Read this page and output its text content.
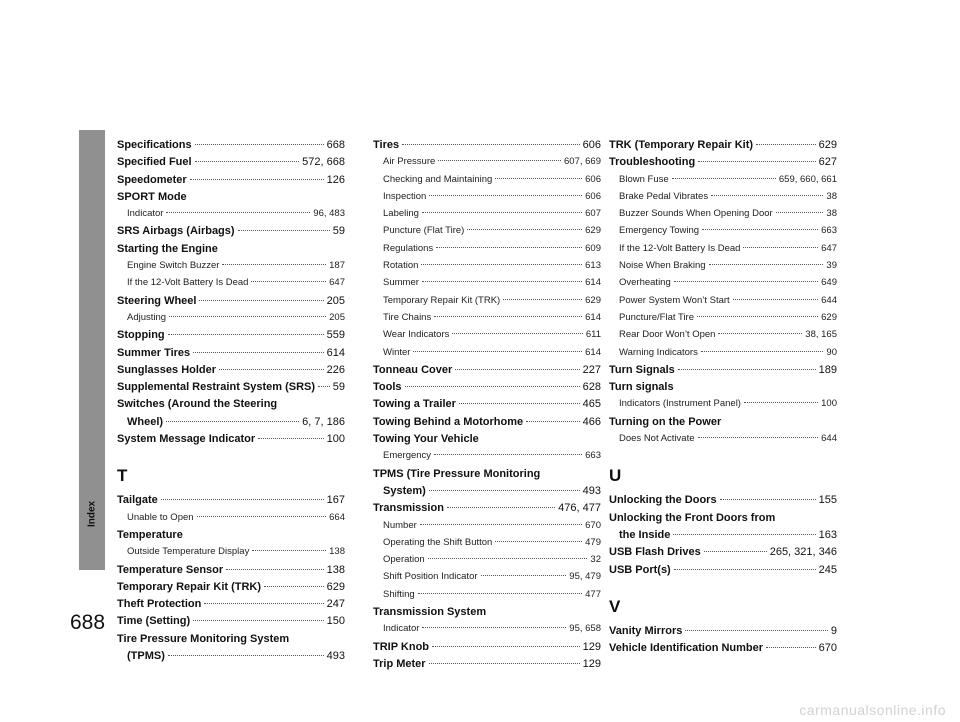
Index
688
Specifications	668
Specified Fuel	572, 668
Speedometer	126
SPORT Mode
Indicator	96, 483
SRS Airbags (Airbags)	59
Starting the Engine
Engine Switch Buzzer	187
If the 12-Volt Battery Is Dead	647
Steering Wheel	205
Adjusting	205
Stopping	559
Summer Tires	614
Sunglasses Holder	226
Supplemental Restraint System (SRS) 59
Switches (Around the Steering
Wheel)	6, 7, 186
System Message Indicator	100
T
Tailgate	167
Unable to Open	664
Temperature
Outside Temperature Display	138
Temperature Sensor	138
Temporary Repair Kit (TRK)	629
Theft Protection	247
Time (Setting)	150
Tire Pressure Monitoring System
(TPMS)	493
Tires	606
Air Pressure	607, 669
Checking and Maintaining	606
Inspection	606
Labeling	607
Puncture (Flat Tire)	629
Regulations	609
Rotation	613
Summer	614
Temporary Repair Kit (TRK)	629
Tire Chains	614
Wear Indicators	611
Winter	614
Tonneau Cover	227
Tools	628
Towing a Trailer	465
Towing Behind a Motorhome	466
Towing Your Vehicle
Emergency	663
TPMS (Tire Pressure Monitoring
System)	493
Transmission	476, 477
Number	670
Operating the Shift Button	479
Operation	32
Shift Position Indicator	95, 479
Shifting	477
Transmission System
Indicator	95, 658
TRIP Knob	129
Trip Meter	129
TRK (Temporary Repair Kit)	629
Troubleshooting	627
Blown Fuse	659, 660, 661
Brake Pedal Vibrates	38
Buzzer Sounds When Opening Door	38
Emergency Towing	663
If the 12-Volt Battery Is Dead	647
Noise When Braking	39
Overheating	649
Power System Won’t Start	644
Puncture/Flat Tire	629
Rear Door Won’t Open	38, 165
Warning Indicators	90
Turn Signals	189
Turn signals
Indicators (Instrument Panel)	100
Turning on the Power
Does Not Activate	644
U
Unlocking the Doors	155
Unlocking the Front Doors from
the Inside	163
USB Flash Drives	265, 321, 346
USB Port(s)	245
V
Vanity Mirrors	9
Vehicle Identification Number	670
carmanualsonline.info
